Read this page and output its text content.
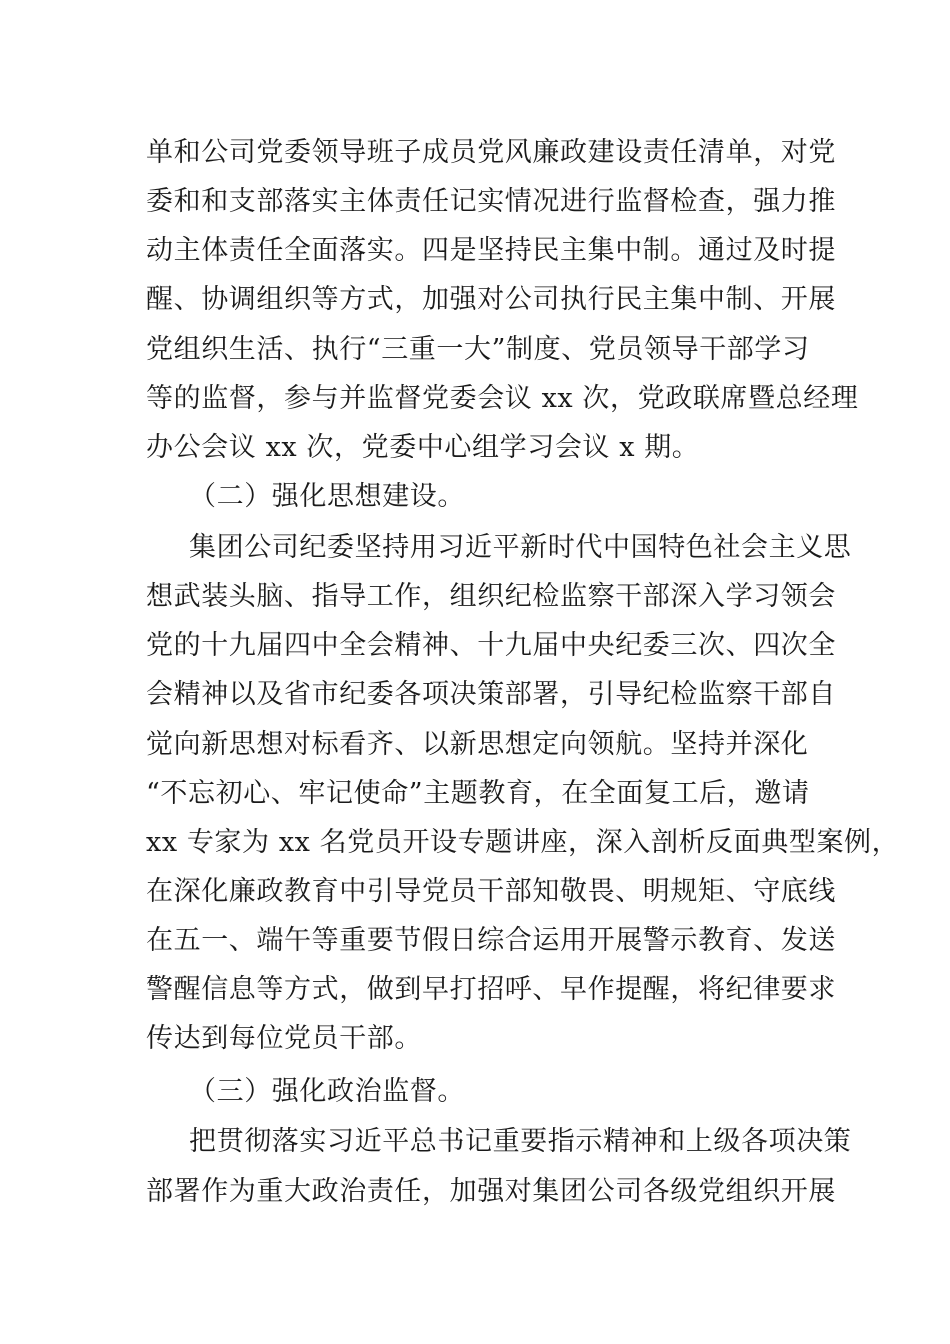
单和公司党委领导班子成员党风廉政建设责任清单，对党
委和和支部落实主体责任记实情况进行监督检查，强力推
动主体责任全面落实。四是坚持民主集中制。通过及时提
醒、协调组织等方式，加强对公司执行民主集中制、开展
党组织生活、执行“三重一大”制度、党员领导干部学习
等的监督，参与并监督党委会议 xx 次，党政联席暨总经理
办公会议 xx 次，党委中心组学习会议 x 期。
（二）强化思想建设。
集团公司纪委坚持用习近平新时代中国特色社会主义思
想武装头脑、指导工作，组织纪检监察干部深入学习领会
党的十九届四中全会精神、十九届中央纪委三次、四次全
会精神以及省市纪委各项决策部署，引导纪检监察干部自
觉向新思想对标看齐、以新思想定向领航。坚持并深化
“不忘初心、牢记使命”主题教育，在全面复工后，邀请
xx 专家为 xx 名党员开设专题讲座，深入剖析反面典型案例，
在深化廉政教育中引导党员干部知敬畏、明规矩、守底线
在五一、端午等重要节假日综合运用开展警示教育、发送
警醒信息等方式，做到早打招呼、早作提醒，将纪律要求
传达到每位党员干部。
（三）强化政治监督。
把贯彻落实习近平总书记重要指示精神和上级各项决策
部署作为重大政治责任，加强对集团公司各级党组织开展
